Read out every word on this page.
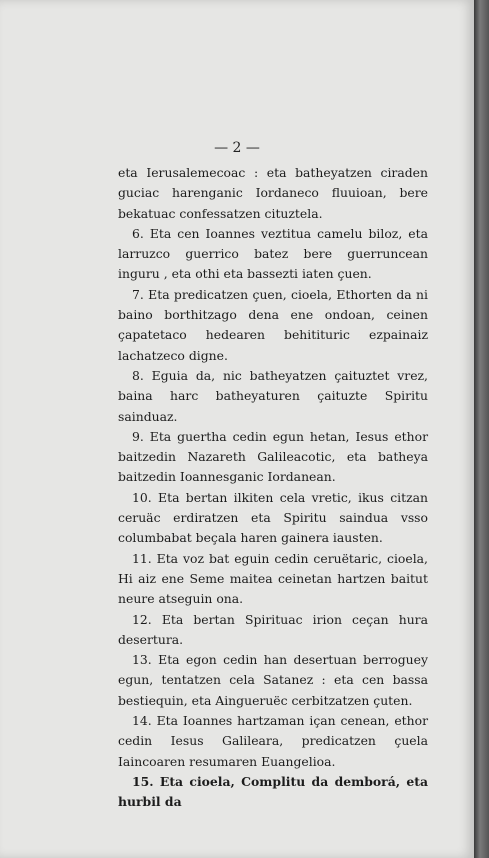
— 2 —

eta Ierusalemecoac : eta batheyatzen ciraden guciac harenganic Iordaneco fluuioan, bere bekatuac confessatzen cituztela.

6. Eta cen Ioannes veztitua camelu biloz, eta larruzco guerrico batez bere guerruncean inguru , eta othi eta bassezti iaten çuen.

7. Eta predicatzen çuen, cioela, Ethorten da ni baino borthitzago dena ene ondoan, ceinen çapatetaco hedearen behitituric ezpainaiz lachatzeco digne.

8. Eguia da, nic batheyatzen çaituztet vrez, baina harc batheyaturen çaituzte Spiritu sainduaz.

9. Eta guertha cedin egun hetan, Iesus ethor baitzedin Nazareth Galileacotic, eta batheya baitzedin Ioannesganic Iordanean.

10. Eta bertan ilkiten cela vretic, ikus citzan ceruäc erdiratzen eta Spiritu saindua vsso columbabat beçala haren gainera iausten.

11. Eta voz bat eguin cedin ceruëtaric, cioela, Hi aiz ene Seme maitea ceinetan hartzen baitut neure atseguin ona.

12. Eta bertan Spirituac irion ceçan hura desertura.

13. Eta egon cedin han desertuan berroguey egun, tentatzen cela Satanez : eta cen bassa bestiequin, eta Aingueruëc cerbitzatzen çuten.

14. Eta Ioannes hartzaman içan cenean, ethor cedin Iesus Galileara, predicatzen çuela Iaincoaren resumaren Euangelioa.

15. Eta cioela, Complitu da demborá, eta hurbil da
